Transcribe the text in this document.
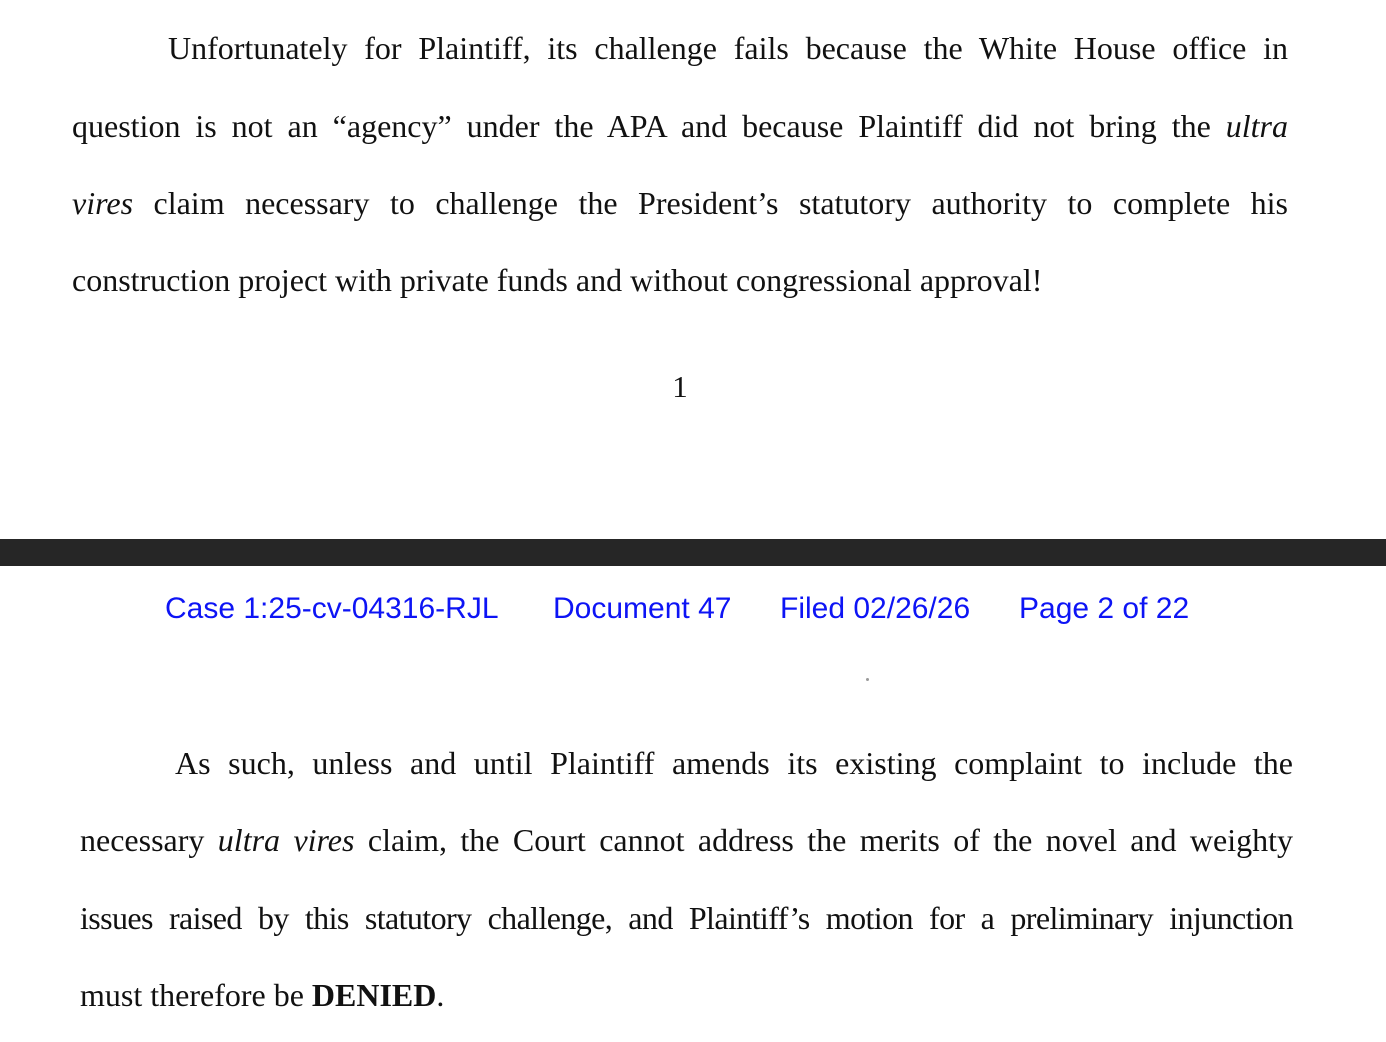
Unfortunately for Plaintiff, its challenge fails because the White House office in
question is not an “agency” under the APA and because Plaintiff did not bring the ultra
vires claim necessary to challenge the President’s statutory authority to complete his
construction project with private funds and without congressional approval!
1
Case 1:25-cv-04316-RJL Document 47 Filed 02/26/26 Page 2 of 22
As such, unless and until Plaintiff amends its existing complaint to include the
necessary ultra vires claim, the Court cannot address the merits of the novel and weighty
issues raised by this statutory challenge, and Plaintiff’s motion for a preliminary injunction
must therefore be DENIED.
